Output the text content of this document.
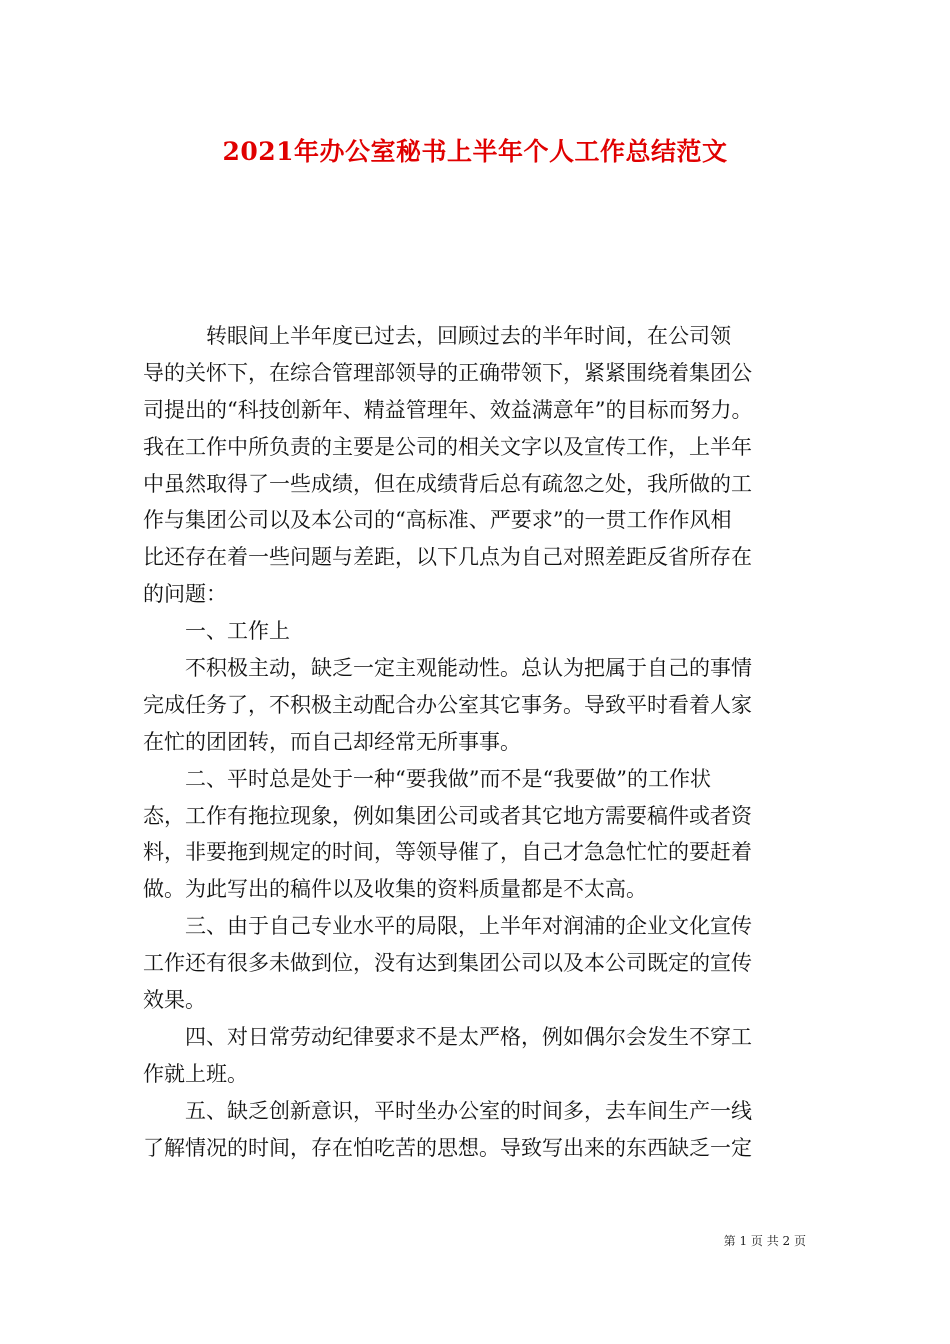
2021年办公室秘书上半年个人工作总结范文
　　　转眼间上半年度已过去，回顾过去的半年时间，在公司领
导的关怀下，在综合管理部领导的正确带领下，紧紧围绕着集团公
司提出的“科技创新年、精益管理年、效益满意年”的目标而努力。
我在工作中所负责的主要是公司的相关文字以及宣传工作，上半年
中虽然取得了一些成绩，但在成绩背后总有疏忽之处，我所做的工
作与集团公司以及本公司的“高标准、严要求”的一贯工作作风相
比还存在着一些问题与差距，以下几点为自己对照差距反省所存在
的问题：
　　一、工作上
　　不积极主动，缺乏一定主观能动性。总认为把属于自己的事情
完成任务了，不积极主动配合办公室其它事务。导致平时看着人家
在忙的团团转，而自己却经常无所事事。
　　二、平时总是处于一种“要我做”而不是“我要做”的工作状
态，工作有拖拉现象，例如集团公司或者其它地方需要稿件或者资
料，非要拖到规定的时间，等领导催了，自己才急急忙忙的要赶着
做。为此写出的稿件以及收集的资料质量都是不太高。
　　三、由于自己专业水平的局限，上半年对润浦的企业文化宣传
工作还有很多未做到位，没有达到集团公司以及本公司既定的宣传
效果。
　　四、对日常劳动纪律要求不是太严格，例如偶尔会发生不穿工
作就上班。
　　五、缺乏创新意识，平时坐办公室的时间多，去车间生产一线
了解情况的时间，存在怕吃苦的思想。导致写出来的东西缺乏一定
第 1 页 共 2 页
